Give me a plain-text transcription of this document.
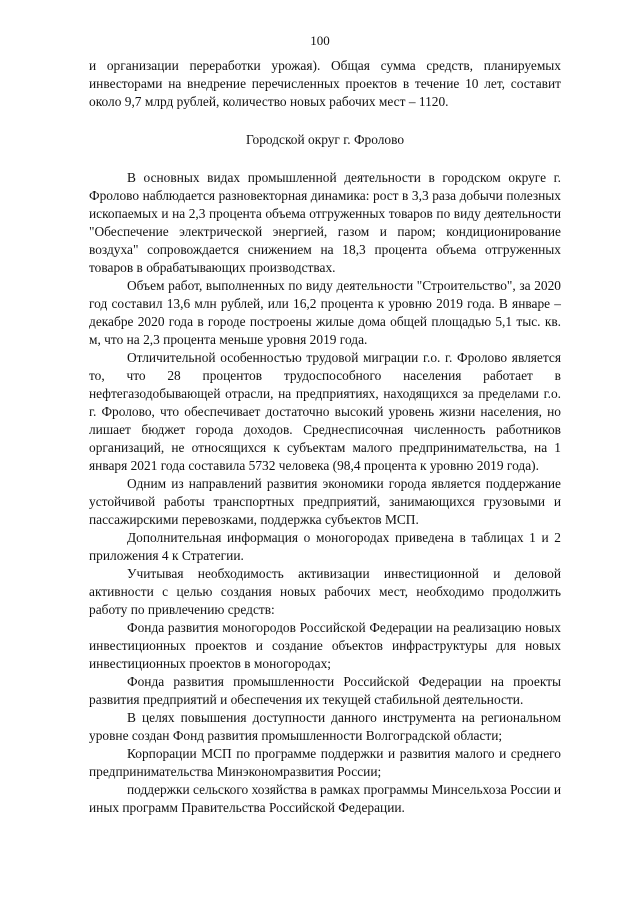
100

и организации переработки урожая). Общая сумма средств, планируемых инвесторами на внедрение перечисленных проектов в течение 10 лет, составит около 9,7 млрд рублей, количество новых рабочих мест – 1120.

Городской округ г. Фролово

В основных видах промышленной деятельности в городском округе г. Фролово наблюдается разновекторная динамика: рост в 3,3 раза добычи полезных ископаемых и на 2,3 процента объема отгруженных товаров по виду деятельности "Обеспечение электрической энергией, газом и паром; кондиционирование воздуха" сопровождается снижением на 18,3 процента объема отгруженных товаров в обрабатывающих производствах.

Объем работ, выполненных по виду деятельности "Строительство", за 2020 год составил 13,6 млн рублей, или 16,2 процента к уровню 2019 года. В январе – декабре 2020 года в городе построены жилые дома общей площадью 5,1 тыс. кв. м, что на 2,3 процента меньше уровня 2019 года.

Отличительной особенностью трудовой миграции г.о. г. Фролово является то, что 28 процентов трудоспособного населения работает в нефтегазодобывающей отрасли, на предприятиях, находящихся за пределами г.о. г. Фролово, что обеспечивает достаточно высокий уровень жизни населения, но лишает бюджет города доходов. Среднесписочная численность работников организаций, не относящихся к субъектам малого предпринимательства, на 1 января 2021 года составила 5732 человека (98,4 процента к уровню 2019 года).

Одним из направлений развития экономики города является поддержание устойчивой работы транспортных предприятий, занимающихся грузовыми и пассажирскими перевозками, поддержка субъектов МСП.

Дополнительная информация о моногородах приведена в таблицах 1 и 2 приложения 4 к Стратегии.

Учитывая необходимость активизации инвестиционной и деловой активности с целью создания новых рабочих мест, необходимо продолжить работу по привлечению средств:

Фонда развития моногородов Российской Федерации на реализацию новых инвестиционных проектов и создание объектов инфраструктуры для новых инвестиционных проектов в моногородах;

Фонда развития промышленности Российской Федерации на проекты развития предприятий и обеспечения их текущей стабильной деятельности.

В целях повышения доступности данного инструмента на региональном уровне создан Фонд развития промышленности Волгоградской области;

Корпорации МСП по программе поддержки и развития малого и среднего предпринимательства Минэкономразвития России;

поддержки сельского хозяйства в рамках программы Минсельхоза России и иных программ Правительства Российской Федерации.
